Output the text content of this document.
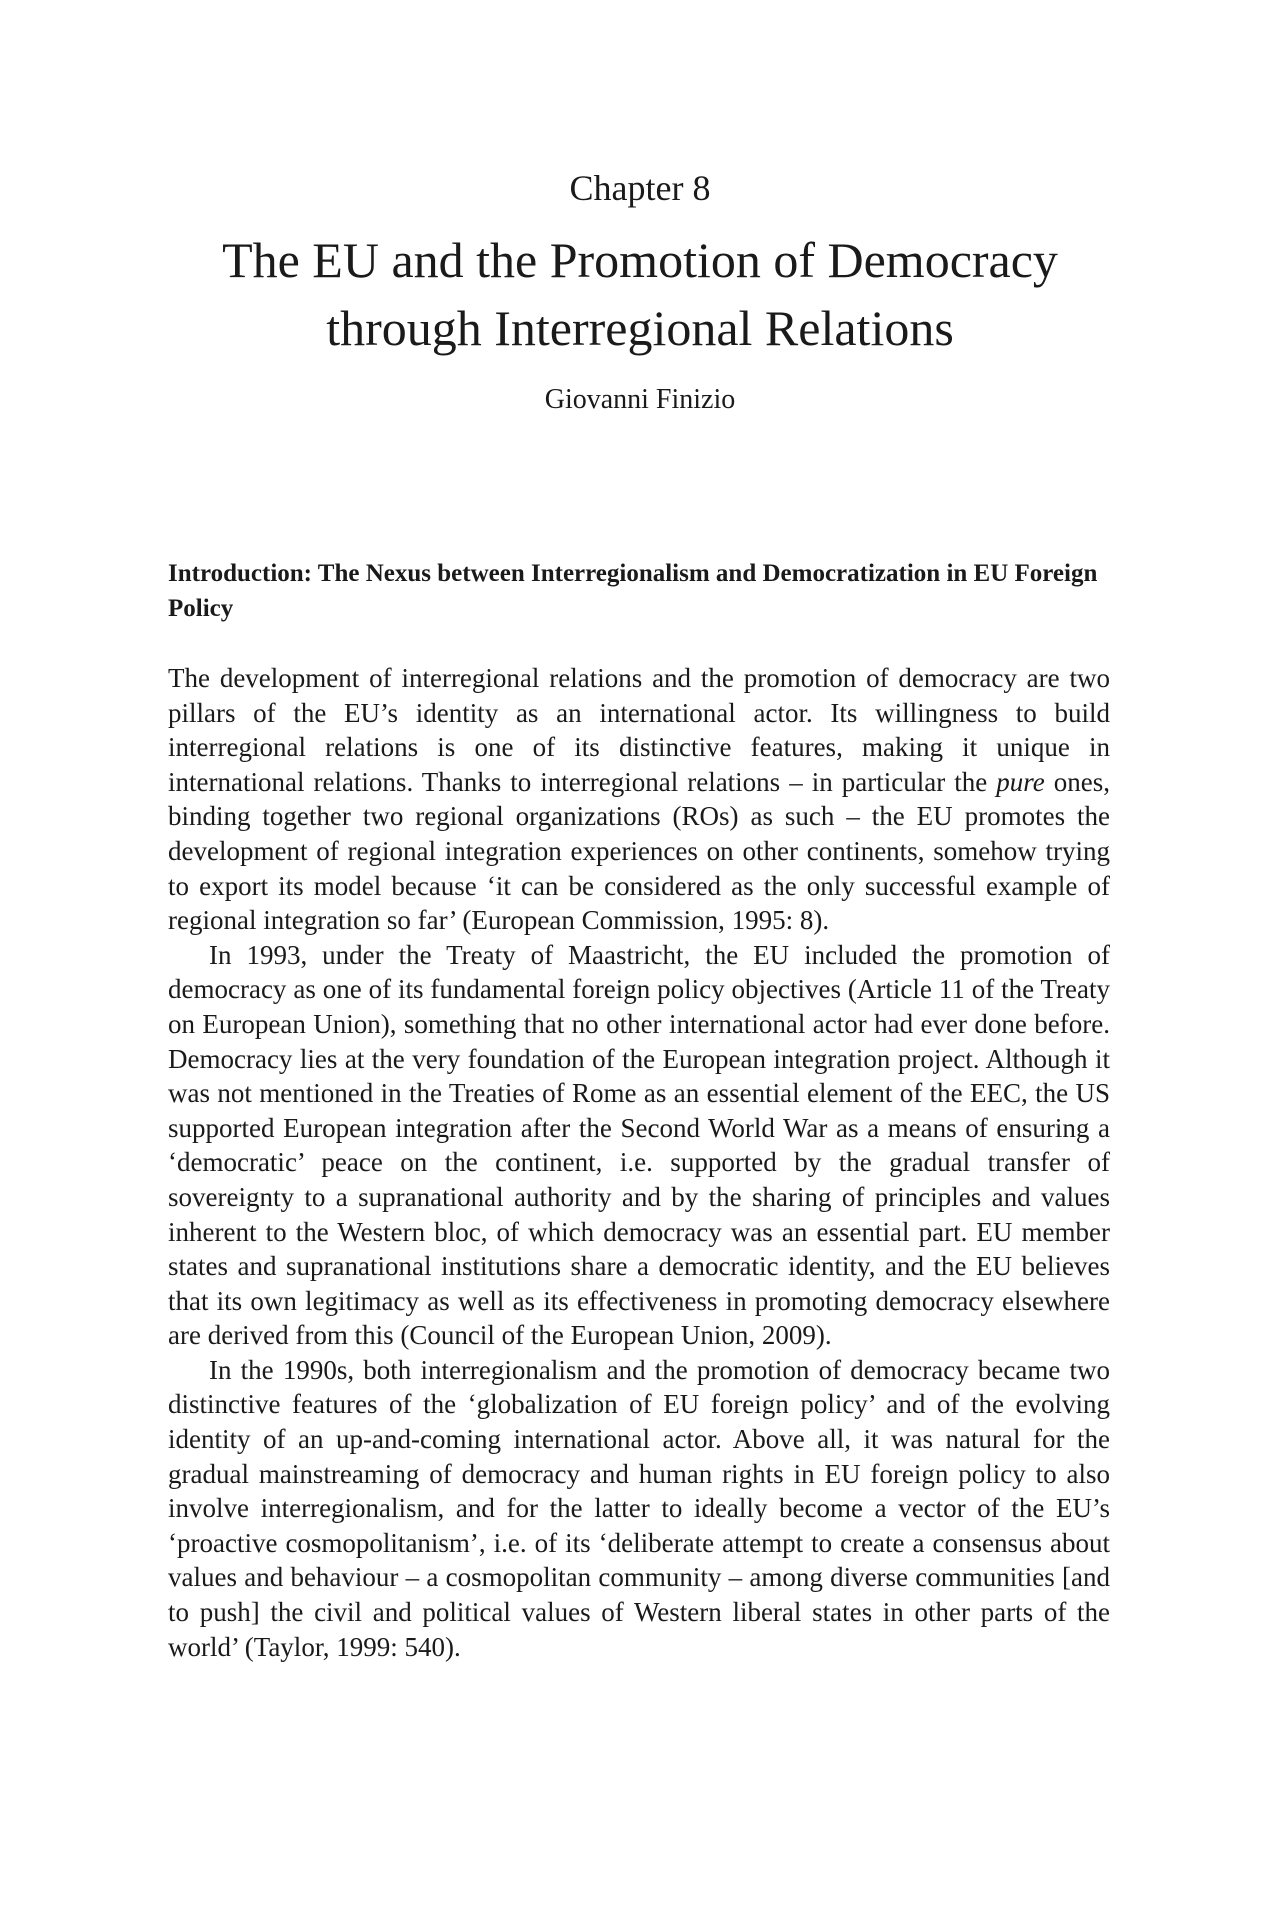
Chapter 8
The EU and the Promotion of Democracy
through Interregional Relations
Giovanni Finizio
Introduction: The Nexus between Interregionalism and Democratization in EU Foreign Policy

The development of interregional relations and the promotion of democracy are two pillars of the EU’s identity as an international actor. Its willingness to build interregional relations is one of its distinctive features, making it unique in international relations. Thanks to interregional relations – in particular the pure ones, binding together two regional organizations (ROs) as such – the EU promotes the development of regional integration experiences on other continents, somehow trying to export its model because ‘it can be considered as the only successful example of regional integration so far’ (European Commission, 1995: 8).

In 1993, under the Treaty of Maastricht, the EU included the promotion of democracy as one of its fundamental foreign policy objectives (Article 11 of the Treaty on European Union), something that no other international actor had ever done before. Democracy lies at the very foundation of the European integration project. Although it was not mentioned in the Treaties of Rome as an essential element of the EEC, the US supported European integration after the Second World War as a means of ensuring a ‘democratic’ peace on the continent, i.e. supported by the gradual transfer of sovereignty to a supranational authority and by the sharing of principles and values inherent to the Western bloc, of which democracy was an essential part. EU member states and supranational institutions share a democratic identity, and the EU believes that its own legitimacy as well as its effectiveness in promoting democracy elsewhere are derived from this (Council of the European Union, 2009).

In the 1990s, both interregionalism and the promotion of democracy became two distinctive features of the ‘globalization of EU foreign policy’ and of the evolving identity of an up-and-coming international actor. Above all, it was natural for the gradual mainstreaming of democracy and human rights in EU foreign policy to also involve interregionalism, and for the latter to ideally become a vector of the EU’s ‘proactive cosmopolitanism’, i.e. of its ‘deliberate attempt to create a consensus about values and behaviour – a cosmopolitan community – among diverse communities [and to push] the civil and political values of Western liberal states in other parts of the world’ (Taylor, 1999: 540).
